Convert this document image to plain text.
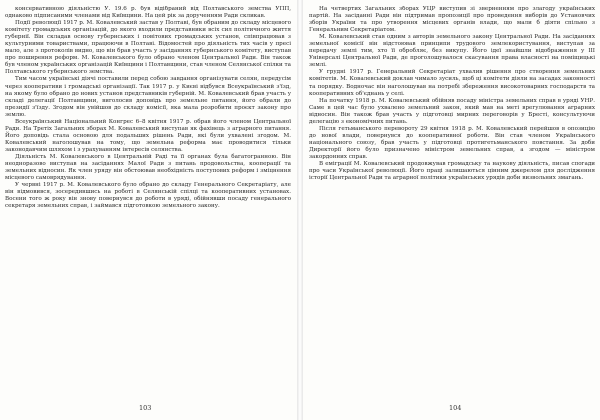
консервативною діяльністю У. 19.6 р. був відібраний від Полтавського земства УПП, однаково підписаними членами від Київщини. На цей рік за дорученням Ради скликав.

Події революції 1917 р. М. Ковалевський застав у Полтаві, був обраним до складу місцевого комітету громадських організацій, до якого входили представники всіх сил політичного життя губернії. Він складав основу губернських і повітових громадських установ, співпрацював з культурними товариствами, працюючи в Полтаві. Відомостей про діяльність тих часів у пресі мало, але з протоколів видно, що він брав участь у засіданнях губернського комітету, виступав про поширення реформ. М. Ковалевського було обрано членом Центральної Ради. Він також був членом українських організацій Київщини і Полтавщини, став членом Селянської спілки та Полтавського губернського земства.

Тим часом українські діячі поставили перед собою завдання організувати селян, передусім через кооперативи і громадські організації. Так 1917 р. у Києві відбувся Всеукраїнський з'їзд, на якому було обрано до нових установ представників губерній. М. Ковалевський брав участь у складі делегації Полтавщини, виголосив доповідь про земельне питання, його обрали до президії з'їзду. Згодом він увійшов до складу комісії, яка мала розробити проєкт закону про землю.

Всеукраїнський Національний Конгрес 6–8 квітня 1917 р. обрав його членом Центральної Ради. На Третіх Загальних зборах М. Ковалевський виступав як фахівець з аграрного питання. Його доповідь стала основою для подальших рішень Ради, які були ухвалені згодом. М. Ковалевський наголошував на тому, що земельна реформа має проводитися тільки законодавчим шляхом і з урахуванням інтересів селянства.

Діяльність М. Ковалевського в Центральній Раді та її органах була багатогранною. Він неодноразово виступав на засіданнях Малої Ради з питань продовольства, кооперації та земельних відносин. Як член уряду він обстоював необхідність поступових реформ і зміцнення місцевого самоврядування.

У червні 1917 р. М. Ковалевського було обрано до складу Генерального Секретаріату, але він відмовився, зосередившись на роботі в Селянській спілці та кооперативних установах. Восени того ж року він знову повернувся до роботи в уряді, обійнявши посаду генерального секретаря земельних справ, і займався підготовкою земельного закону.

На четвертих Загальних зборах УЦР виступив зі зверненням про злагоду українських партій. На засіданні Ради він підтримав пропозиції про проведення виборів до Установчих зборів України та про утворення місцевих органів влади, що мали б діяти спільно з Генеральним Секретаріатом.

М. Ковалевський став одним з авторів земельного закону Центральної Ради. На засіданнях земельної комісії він відстоював принципи трудового землекористування, виступав за передачу землі тим, хто її обробляє, без викупу. Його ідеї знайшли відображення у III Універсалі Центральної Ради, де проголошувалося скасування права власності на поміщицькі землі.

У грудні 1917 р. Генеральний Секретаріат ухвалив рішення про створення земельних комітетів. М. Ковалевський доклав чимало зусиль, щоб ці комітети діяли на засадах законності та порядку. Водночас він наголошував на потребі збереження високотоварних господарств та кооперативних об'єднань у селі.

На початку 1918 р. М. Ковалевський обійняв посаду міністра земельних справ в уряді УНР. Саме в цей час було ухвалено земельний закон, який мав на меті врегулювання аграрних відносин. Він також брав участь у підготовці мирних переговорів у Бресті, консультуючи делегацію з економічних питань.

Після гетьманського перевороту 29 квітня 1918 р. М. Ковалевський перейшов в опозицію до нової влади, повернувся до кооперативної роботи. Він став членом Українського національного союзу, брав участь у підготовці протигетьманського повстання. За доби Директорії його було призначено міністром земельних справ, а згодом — міністром закордонних справ.

В еміграції М. Ковалевський продовжував громадську та наукову діяльність, писав спогади про часи Української революції. Його праці залишаються цінним джерелом для дослідження історії Центральної Ради та аграрної політики українських урядів доби визвольних змагань.

103	104
